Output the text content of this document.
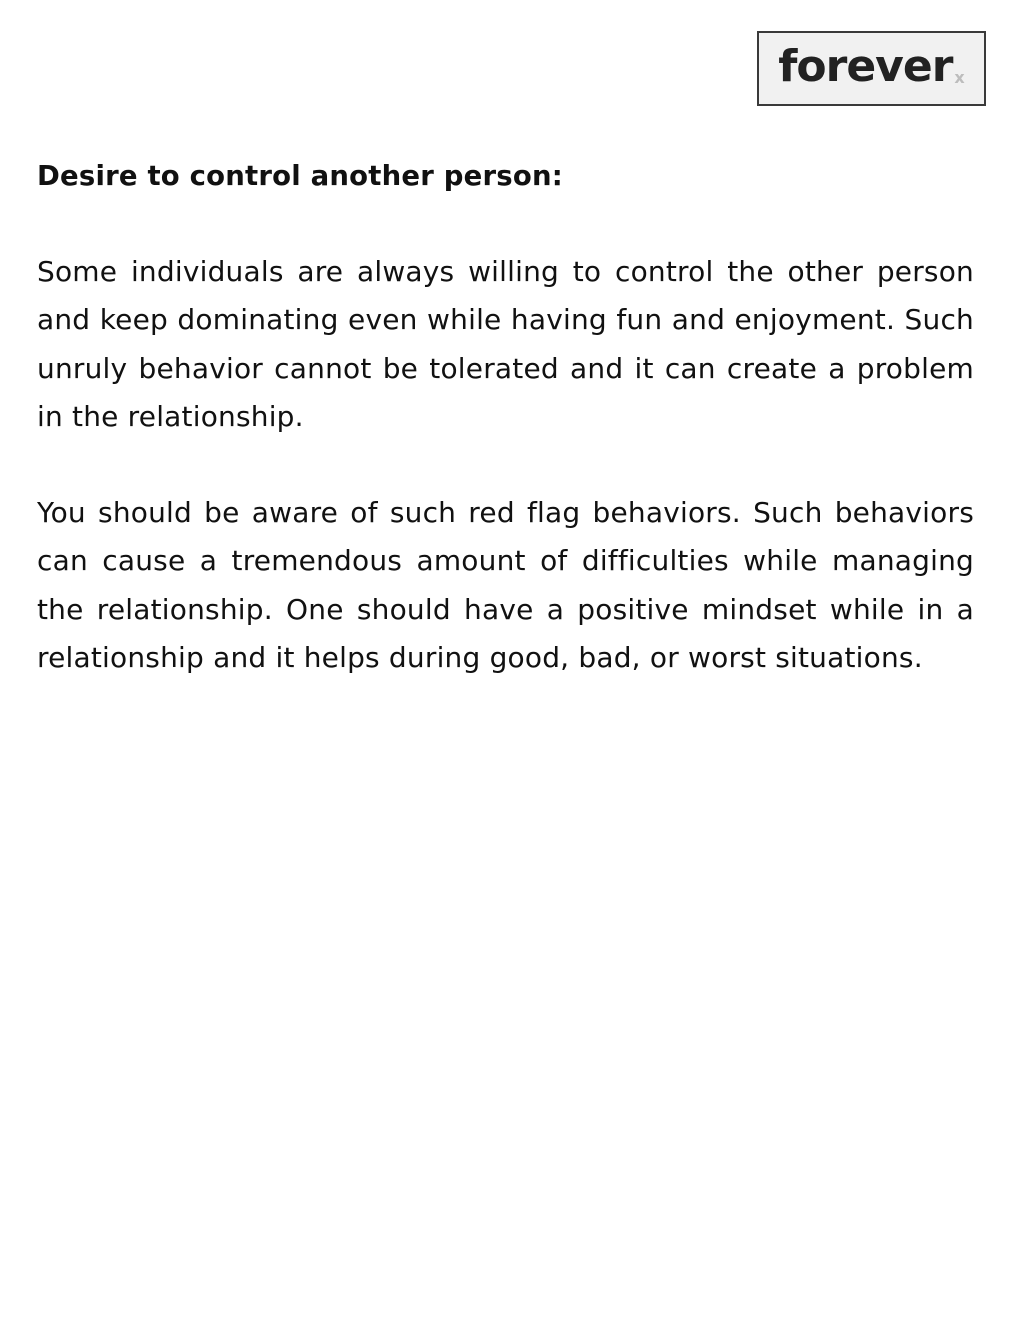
forever x
Desire to control another person:

Some individuals are always willing to control the other person and keep dominating even while having fun and enjoyment. Such unruly behavior cannot be tolerated and it can create a problem in the relationship.

You should be aware of such red flag behaviors. Such behaviors can cause a tremendous amount of difficulties while managing the relationship. One should have a positive mindset while in a relationship and it helps during good, bad, or worst situations.
